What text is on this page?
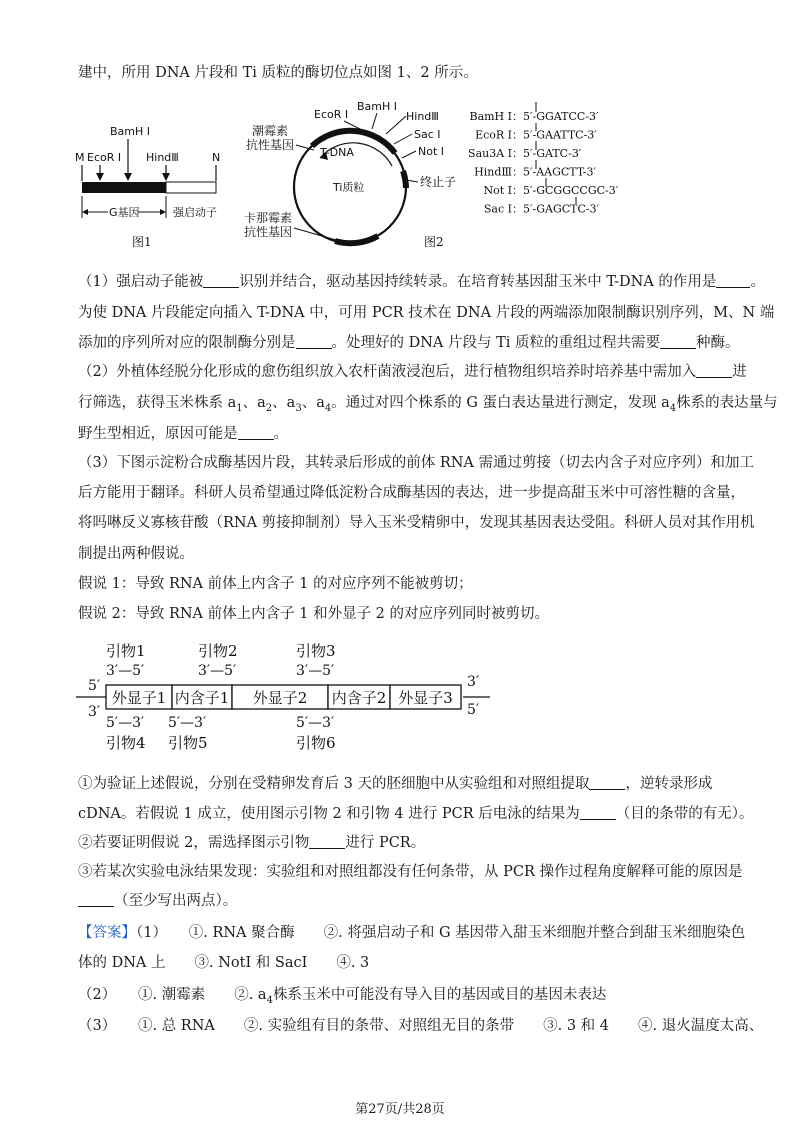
建中，所用 DNA 片段和 Ti 质粒的酶切位点如图 1、2 所示。
BamH Ⅰ
M EcoR Ⅰ HindⅢ	N
G基因	强启动子
图1
T-DNA
Ti质粒
EcoR Ⅰ
BamH Ⅰ
HindⅢ
Sac Ⅰ
Not Ⅰ
潮霉素
抗性基因
终止子
卡那霉素
抗性基因
图2
BamH Ⅰ： 5′-GGATCC-3′
EcoR Ⅰ： 5′-GAATTC-3′
Sau3A Ⅰ： 5′-GATC-3′
HindⅢ： 5′-AAGCTT-3′
Not Ⅰ： 5′-GCGGCCGC-3′
Sac Ⅰ： 5′-GAGCTC-3′
（1）强启动子能被 识别并结合，驱动基因持续转录。在培育转基因甜玉米中 T-DNA 的作用是 。
为使 DNA 片段能定向插入 T-DNA 中，可用 PCR 技术在 DNA 片段的两端添加限制酶识别序列，M、N 端
添加的序列所对应的限制酶分别是 。处理好的 DNA 片段与 Ti 质粒的重组过程共需要 种酶。
（2）外植体经脱分化形成的愈伤组织放入农杆菌液浸泡后，进行植物组织培养时培养基中需加入 进
行筛选，获得玉米株系 $a_1$、$a_2$、$a_3$、$a_4$。通过对四个株系的 G 蛋白表达量进行测定，发现 $a_4$株系的表达量与
野生型相近，原因可能是 。
（3）下图示淀粉合成酶基因片段，其转录后形成的前体 RNA 需通过剪接（切去内含子对应序列）和加工
后方能用于翻译。科研人员希望通过降低淀粉合成酶基因的表达，进一步提高甜玉米中可溶性糖的含量，
将吗啉反义寡核苷酸（RNA 剪接抑制剂）导入玉米受精卵中，发现其基因表达受阻。科研人员对其作用机
制提出两种假说。
假说 1：导致 RNA 前体上内含子 1 的对应序列不能被剪切；
假说 2：导致 RNA 前体上内含子 1 和外显子 2 的对应序列同时被剪切。
引物1	引物2	引物3
3′—5′	3′—5′	3′—5′
5′
3′
3′
5′
外显子1 内含子1 外显子2 内含子2 外显子3
5′—3′ 5′—3′	5′—3′
引物4 引物5	引物6
①为验证上述假说，分别在受精卵发育后 3 天的胚细胞中从实验组和对照组提取 ，逆转录形成
cDNA。若假说 1 成立，使用图示引物 2 和引物 4 进行 PCR 后电泳的结果为 （目的条带的有无）。
②若要证明假说 2，需选择图示引物 进行 PCR。
③若某次实验电泳结果发现：实验组和对照组都没有任何条带，从 PCR 操作过程角度解释可能的原因是
（至少写出两点）。
【答案】（1）　　①. RNA 聚合酶　　②. 将强启动子和 G 基因带入甜玉米细胞并整合到甜玉米细胞染色
体的 DNA 上　　③. NotI 和 SacI　　④. 3
（2）　　①. 潮霉素　　②. $a_4$株系玉米中可能没有导入目的基因或目的基因未表达
（3）　　①. 总 RNA　　②. 实验组有目的条带、对照组无目的条带　　③. 3 和 4　　④. 退火温度太高、
第27页/共28页
